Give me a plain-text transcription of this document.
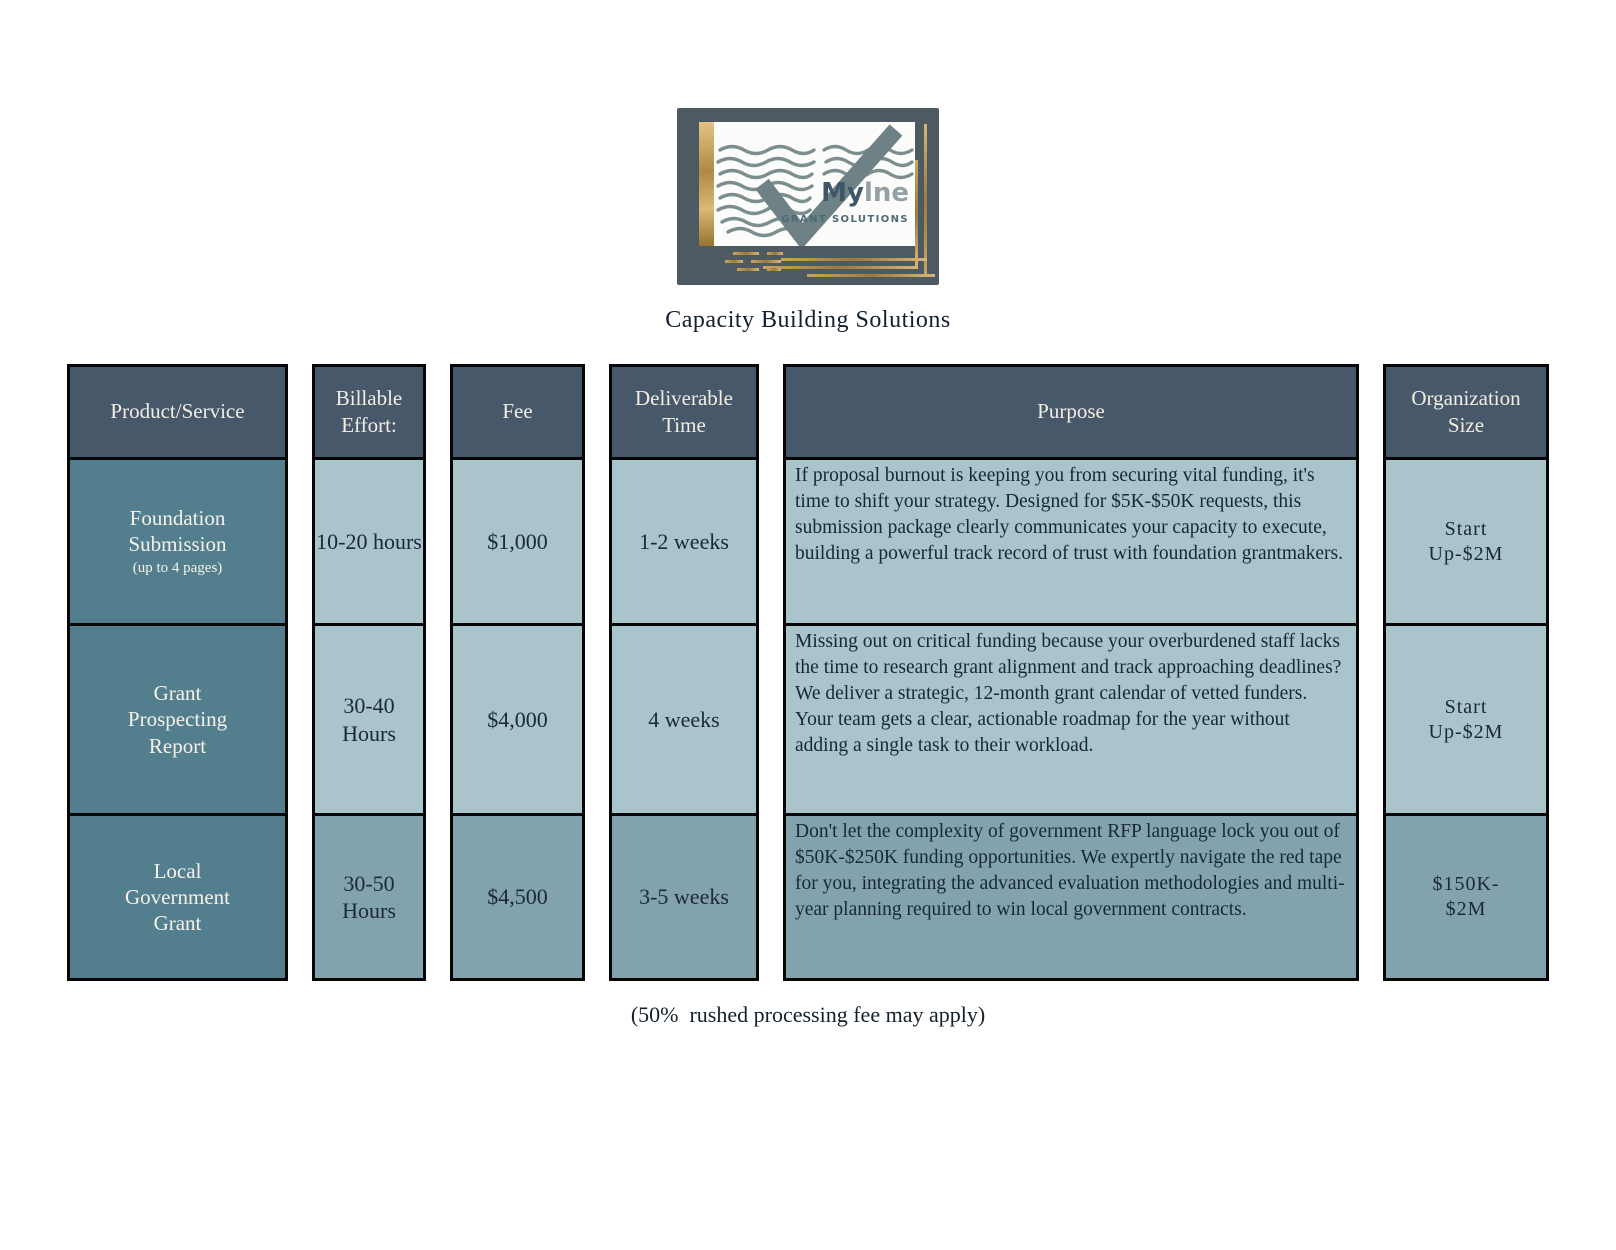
Mylne
GRANT SOLUTIONS
Capacity Building Solutions
Product/Service
Foundation Submission
(up to 4 pages)
Grant Prospecting Report
Local Government Grant
Billable Effort:
10-20 hours
30-40 Hours
30-50 Hours
Fee
$1,000
$4,000
$4,500
Deliverable Time
1-2 weeks
4 weeks
3-5 weeks
Purpose
If proposal burnout is keeping you from securing vital funding, it's time to shift your strategy. Designed for $5K-$50K requests, this submission package clearly communicates your capacity to execute, building a powerful track record of trust with foundation grantmakers.
Missing out on critical funding because your overburdened staff lacks the time to research grant alignment and track approaching deadlines? We deliver a strategic, 12-month grant calendar of vetted funders. Your team gets a clear, actionable roadmap for the year without adding a single task to their workload.
Don't let the complexity of government RFP language lock you out of $50K-$250K funding opportunities. We expertly navigate the red tape for you, integrating the advanced evaluation methodologies and multi-year planning required to win local government contracts.
Organization Size
Start Up-$2M
Start Up-$2M
$150K- $2M
(50%  rushed processing fee may apply)
